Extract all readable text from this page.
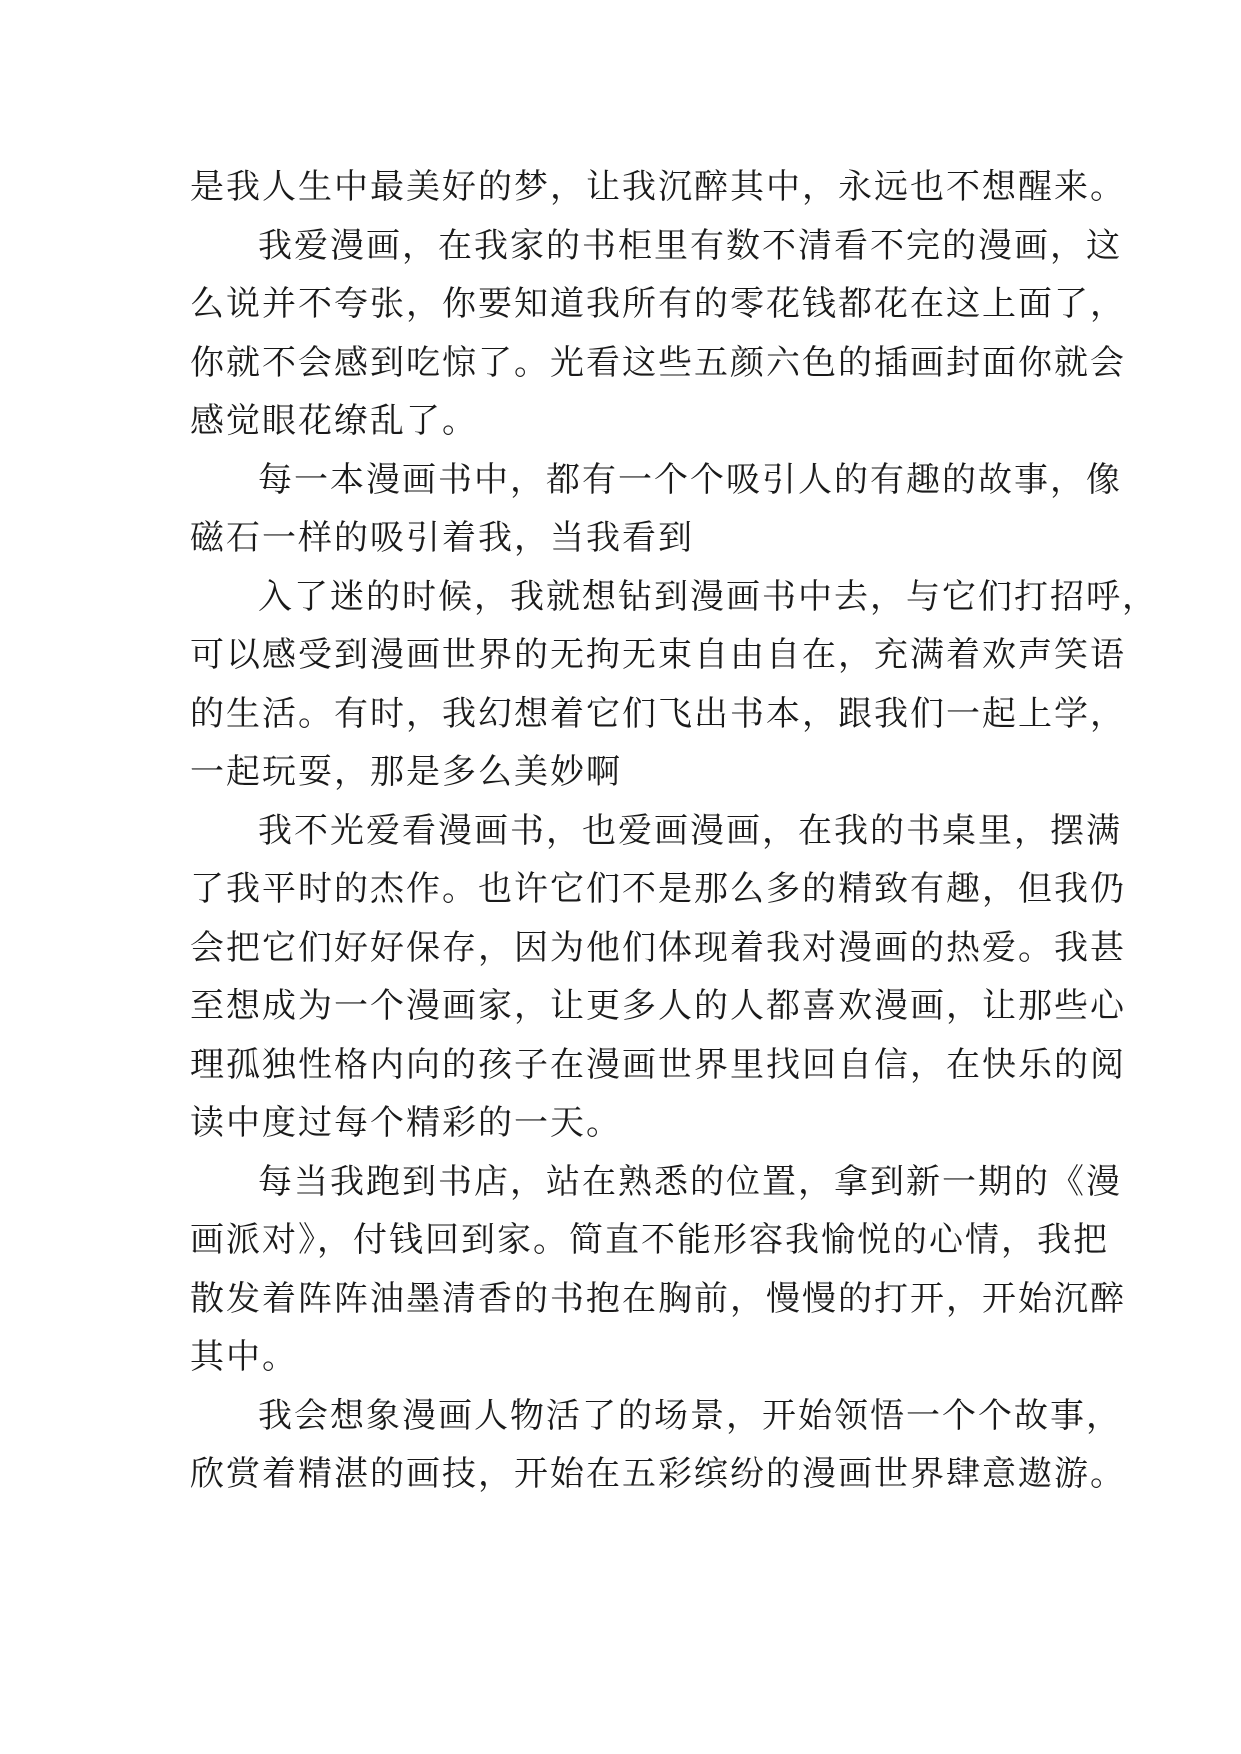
是我人生中最美好的梦，让我沉醉其中，永远也不想醒来。
我爱漫画，在我家的书柜里有数不清看不完的漫画，这
么说并不夸张，你要知道我所有的零花钱都花在这上面了，
你就不会感到吃惊了。光看这些五颜六色的插画封面你就会
感觉眼花缭乱了。
每一本漫画书中，都有一个个吸引人的有趣的故事，像
磁石一样的吸引着我，当我看到
入了迷的时候，我就想钻到漫画书中去，与它们打招呼，
可以感受到漫画世界的无拘无束自由自在，充满着欢声笑语
的生活。有时，我幻想着它们飞出书本，跟我们一起上学，
一起玩耍，那是多么美妙啊
我不光爱看漫画书，也爱画漫画，在我的书桌里，摆满
了我平时的杰作。也许它们不是那么多的精致有趣，但我仍
会把它们好好保存，因为他们体现着我对漫画的热爱。我甚
至想成为一个漫画家，让更多人的人都喜欢漫画，让那些心
理孤独性格内向的孩子在漫画世界里找回自信，在快乐的阅
读中度过每个精彩的一天。
每当我跑到书店，站在熟悉的位置，拿到新一期的《漫
画派对》，付钱回到家。简直不能形容我愉悦的心情，我把
散发着阵阵油墨清香的书抱在胸前，慢慢的打开，开始沉醉
其中。
我会想象漫画人物活了的场景，开始领悟一个个故事，
欣赏着精湛的画技，开始在五彩缤纷的漫画世界肆意遨游。
